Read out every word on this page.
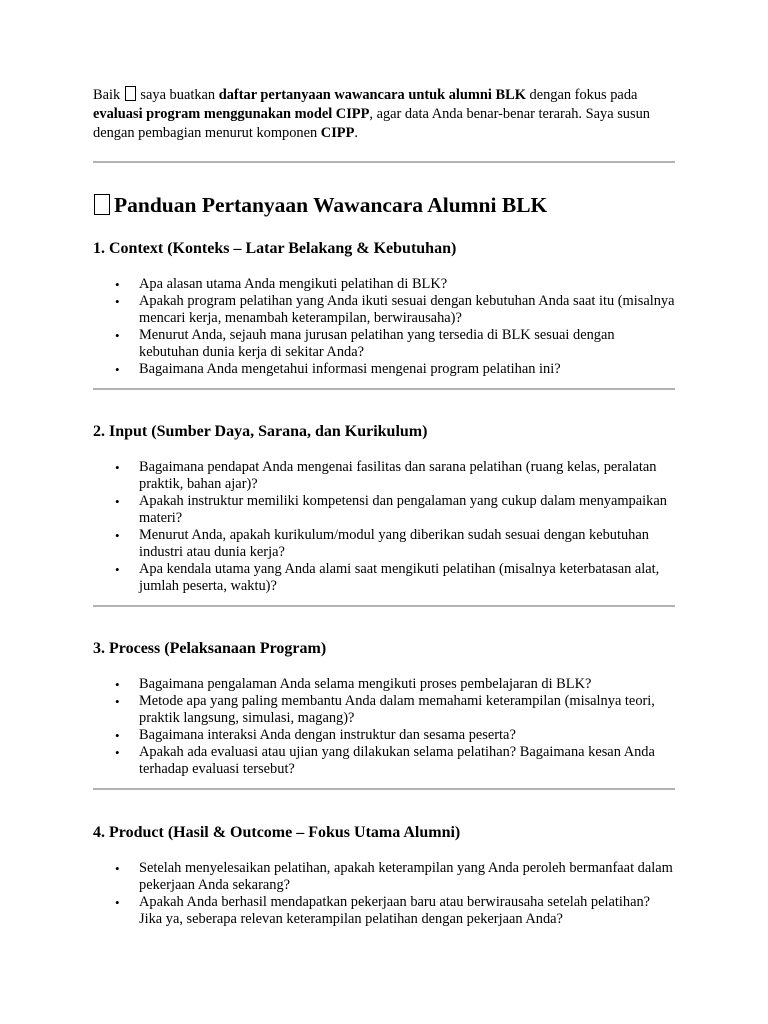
Baik  saya buatkan daftar pertanyaan wawancara untuk alumni BLK dengan fokus pada evaluasi program menggunakan model CIPP, agar data Anda benar-benar terarah. Saya susun dengan pembagian menurut komponen CIPP.

Panduan Pertanyaan Wawancara Alumni BLK
1. Context (Konteks – Latar Belakang & Kebutuhan)
• Apa alasan utama Anda mengikuti pelatihan di BLK?
• Apakah program pelatihan yang Anda ikuti sesuai dengan kebutuhan Anda saat itu (misalnya mencari kerja, menambah keterampilan, berwirausaha)?
• Menurut Anda, sejauh mana jurusan pelatihan yang tersedia di BLK sesuai dengan kebutuhan dunia kerja di sekitar Anda?
• Bagaimana Anda mengetahui informasi mengenai program pelatihan ini?
2. Input (Sumber Daya, Sarana, dan Kurikulum)
• Bagaimana pendapat Anda mengenai fasilitas dan sarana pelatihan (ruang kelas, peralatan praktik, bahan ajar)?
• Apakah instruktur memiliki kompetensi dan pengalaman yang cukup dalam menyampaikan materi?
• Menurut Anda, apakah kurikulum/modul yang diberikan sudah sesuai dengan kebutuhan industri atau dunia kerja?
• Apa kendala utama yang Anda alami saat mengikuti pelatihan (misalnya keterbatasan alat, jumlah peserta, waktu)?
3. Process (Pelaksanaan Program)
• Bagaimana pengalaman Anda selama mengikuti proses pembelajaran di BLK?
• Metode apa yang paling membantu Anda dalam memahami keterampilan (misalnya teori, praktik langsung, simulasi, magang)?
• Bagaimana interaksi Anda dengan instruktur dan sesama peserta?
• Apakah ada evaluasi atau ujian yang dilakukan selama pelatihan? Bagaimana kesan Anda terhadap evaluasi tersebut?
4. Product (Hasil & Outcome – Fokus Utama Alumni)
• Setelah menyelesaikan pelatihan, apakah keterampilan yang Anda peroleh bermanfaat dalam pekerjaan Anda sekarang?
• Apakah Anda berhasil mendapatkan pekerjaan baru atau berwirausaha setelah pelatihan? Jika ya, seberapa relevan keterampilan pelatihan dengan pekerjaan Anda?
